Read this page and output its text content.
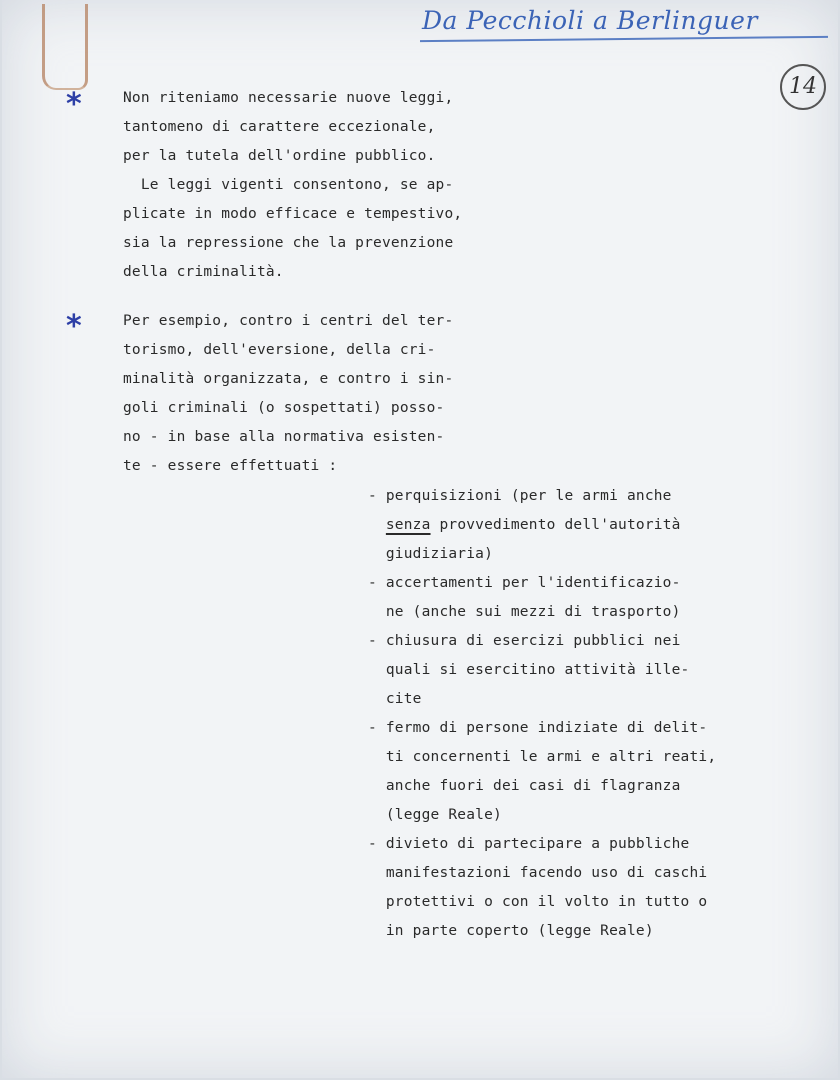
Da Pecchioli a Berlinguer
14
*
*

Non riteniamo necessarie nuove leggi,

tantomeno di carattere eccezionale,

per la tutela dell'ordine pubblico.

Le leggi vigenti consentono, se ap-

plicate in modo efficace e tempestivo,

sia la repressione che la prevenzione

della criminalità.

Per esempio, contro i centri del ter-

torismo, dell'eversione, della cri-

minalità organizzata, e contro i sin-

goli criminali (o sospettati) posso-

no - in base alla normativa esisten-

te - essere effettuati :

- perquisizioni (per le armi anche

senza provvedimento dell'autorità

giudiziaria)

- accertamenti per l'identificazio-

ne (anche sui mezzi di trasporto)

- chiusura di esercizi pubblici nei

quali si esercitino attività ille-

cite

- fermo di persone indiziate di delit-

ti concernenti le armi e altri reati,

anche fuori dei casi di flagranza

(legge Reale)

- divieto di partecipare a pubbliche

manifestazioni facendo uso di caschi

protettivi o con il volto in tutto o

in parte coperto (legge Reale)
